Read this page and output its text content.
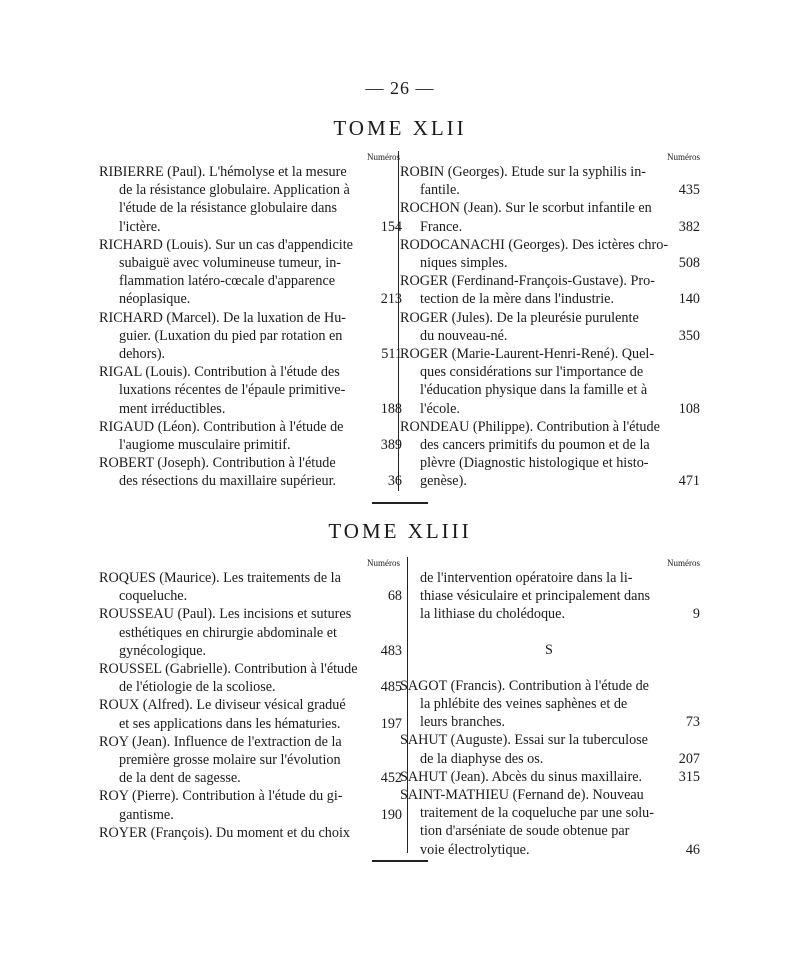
— 26 —
TOME XLII
Numéros
RIBIERRE (Paul). L'hémolyse et la mesure
de la résistance globulaire. Application à
l'étude de la résistance globulaire dans
l'ictère.	154
RICHARD (Louis). Sur un cas d'appendicite
subaiguë avec volumineuse tumeur, in-
flammation latéro-cœcale d'apparence
néoplasique.	213
RICHARD (Marcel). De la luxation de Hu-
guier. (Luxation du pied par rotation en
dehors).	511
RIGAL (Louis). Contribution à l'étude des
luxations récentes de l'épaule primitive-
ment irréductibles.	188
RIGAUD (Léon). Contribution à l'étude de
l'augiome musculaire primitif.	389
ROBERT (Joseph). Contribution à l'étude
des résections du maxillaire supérieur.	36
Numéros
ROBIN (Georges). Etude sur la syphilis in-
fantile.	435
ROCHON (Jean). Sur le scorbut infantile en
France.	382
RODOCANACHI (Georges). Des ictères chro-
niques simples.	508
ROGER (Ferdinand-François-Gustave). Pro-
tection de la mère dans l'industrie.	140
ROGER (Jules). De la pleurésie purulente
du nouveau-né.	350
ROGER (Marie-Laurent-Henri-René). Quel-
ques considérations sur l'importance de
l'éducation physique dans la famille et à
l'école.	108
RONDEAU (Philippe). Contribution à l'étude
des cancers primitifs du poumon et de la
plèvre (Diagnostic histologique et histo-
genèse).	471
TOME XLIII
Numéros
ROQUES (Maurice). Les traitements de la
coqueluche.	68
ROUSSEAU (Paul). Les incisions et sutures
esthétiques en chirurgie abdominale et
gynécologique.	483
ROUSSEL (Gabrielle). Contribution à l'étude
de l'étiologie de la scoliose.	485
ROUX (Alfred). Le diviseur vésical gradué
et ses applications dans les hématuries.	197
ROY (Jean). Influence de l'extraction de la
première grosse molaire sur l'évolution
de la dent de sagesse.	452
ROY (Pierre). Contribution à l'étude du gi-
gantisme.	190
ROYER (François). Du moment et du choix
Numéros
de l'intervention opératoire dans la li-
thiase vésiculaire et principalement dans
la lithiase du cholédoque.	9
S
SAGOT (Francis). Contribution à l'étude de
la phlébite des veines saphènes et de
leurs branches.	73
SAHUT (Auguste). Essai sur la tuberculose
de la diaphyse des os.	207
SAHUT (Jean). Abcès du sinus maxillaire.	315
SAINT-MATHIEU (Fernand de). Nouveau
traitement de la coqueluche par une solu-
tion d'arséniate de soude obtenue par
voie électrolytique.	46
